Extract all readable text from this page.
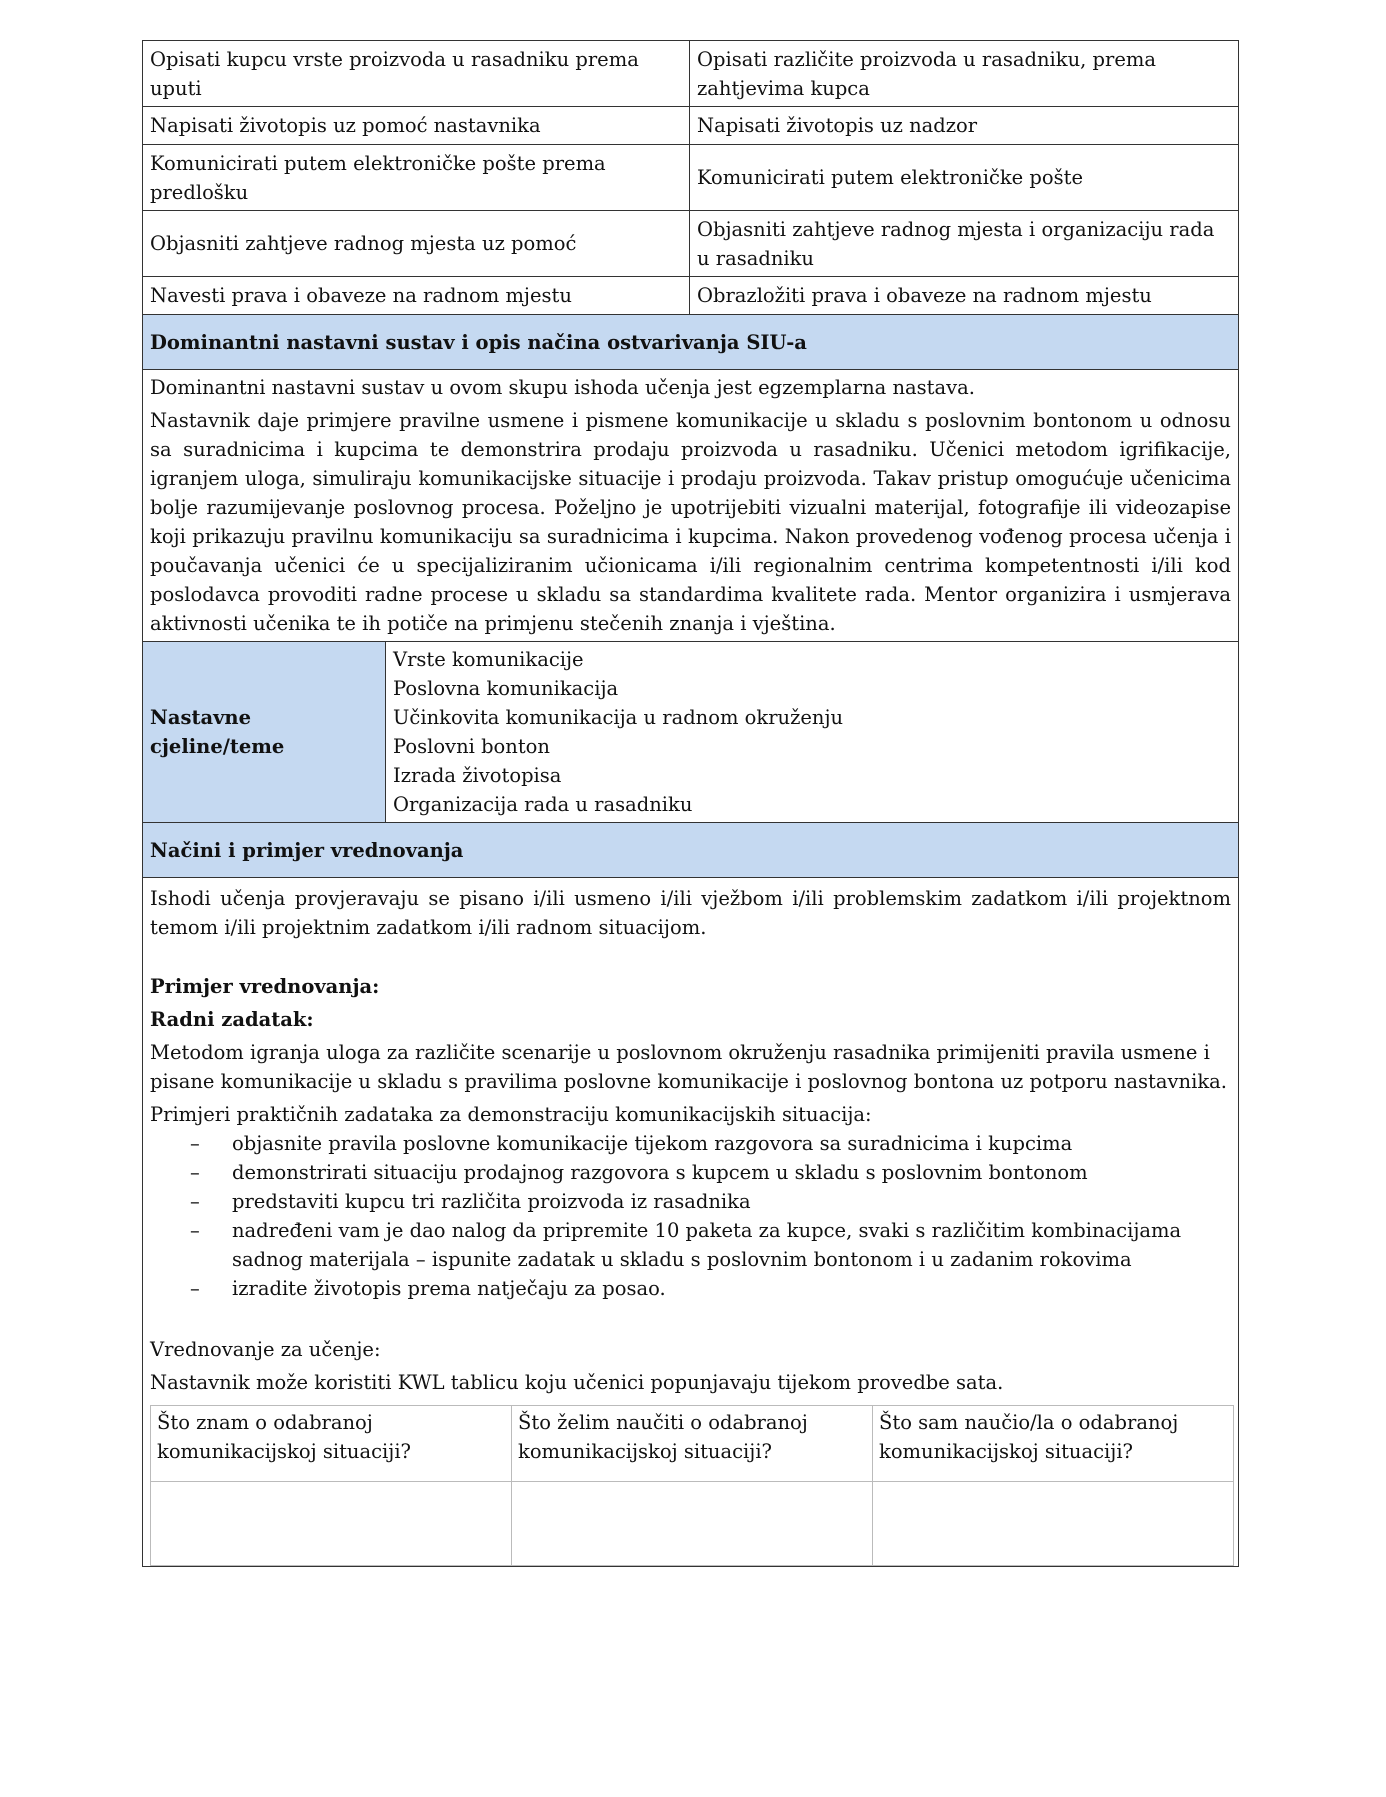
Opisati kupcu vrste proizvoda u rasadniku prema uputi	Opisati različite proizvoda u rasadniku, prema zahtjevima kupca
Napisati životopis uz pomoć nastavnika	Napisati životopis uz nadzor
Komunicirati putem elektroničke pošte prema predlošku	Komunicirati putem elektroničke pošte
Objasniti zahtjeve radnog mjesta uz pomoć	Objasniti zahtjeve radnog mjesta i organizaciju rada u rasadniku
Navesti prava i obaveze na radnom mjestu	Obrazložiti prava i obaveze na radnom mjestu
Dominantni nastavni sustav i opis načina ostvarivanja SIU-a

Dominantni nastavni sustav u ovom skupu ishoda učenja jest egzemplarna nastava.

Nastavnik daje primjere pravilne usmene i pismene komunikacije u skladu s poslovnim bontonom u odnosu sa suradnicima i kupcima te demonstrira prodaju proizvoda u rasadniku. Učenici metodom igrifikacije, igranjem uloga, simuliraju komunikacijske situacije i prodaju proizvoda. Takav pristup omogućuje učenicima bolje razumijevanje poslovnog procesa. Poželjno je upotrijebiti vizualni materijal, fotografije ili videozapise koji prikazuju pravilnu komunikaciju sa suradnicima i kupcima. Nakon provedenog vođenog procesa učenja i poučavanja učenici će u specijaliziranim učionicama i/ili regionalnim centrima kompetentnosti i/ili kod poslodavca provoditi radne procese u skladu sa standardima kvalitete rada. Mentor organizira i usmjerava aktivnosti učenika te ih potiče na primjenu stečenih znanja i vještina.

Nastavne cjeline/teme	
Vrste komunikacije
Poslovna komunikacija
Učinkovita komunikacija u radnom okruženju
Poslovni bonton
Izrada životopisa
Organizacija rada u rasadniku

Načini i primjer vrednovanja

Ishodi učenja provjeravaju se pisano i/ili usmeno i/ili vježbom i/ili problemskim zadatkom i/ili projektnom temom i/ili projektnim zadatkom i/ili radnom situacijom.

Primjer vrednovanja:

Radni zadatak:

Metodom igranja uloga za različite scenarije u poslovnom okruženju rasadnika primijeniti pravila usmene i pisane komunikacije u skladu s pravilima poslovne komunikacije i poslovnog bontona uz potporu nastavnika.

Primjeri praktičnih zadataka za demonstraciju komunikacijskih situacija:

– objasnite pravila poslovne komunikacije tijekom razgovora sa suradnicima i kupcima
– demonstrirati situaciju prodajnog razgovora s kupcem u skladu s poslovnim bontonom
– predstaviti kupcu tri različita proizvoda iz rasadnika
– nadređeni vam je dao nalog da pripremite 10 paketa za kupce, svaki s različitim kombinacijama sadnog materijala – ispunite zadatak u skladu s poslovnim bontonom i u zadanim rokovima
– izradite životopis prema natječaju za posao.

Vrednovanje za učenje:

Nastavnik može koristiti KWL tablicu koju učenici popunjavaju tijekom provedbe sata.

Što znam o odabranoj komunikacijskoj situaciji?	Što želim naučiti o odabranoj komunikacijskoj situaciji?	Što sam naučio/la o odabranoj komunikacijskoj situaciji?
